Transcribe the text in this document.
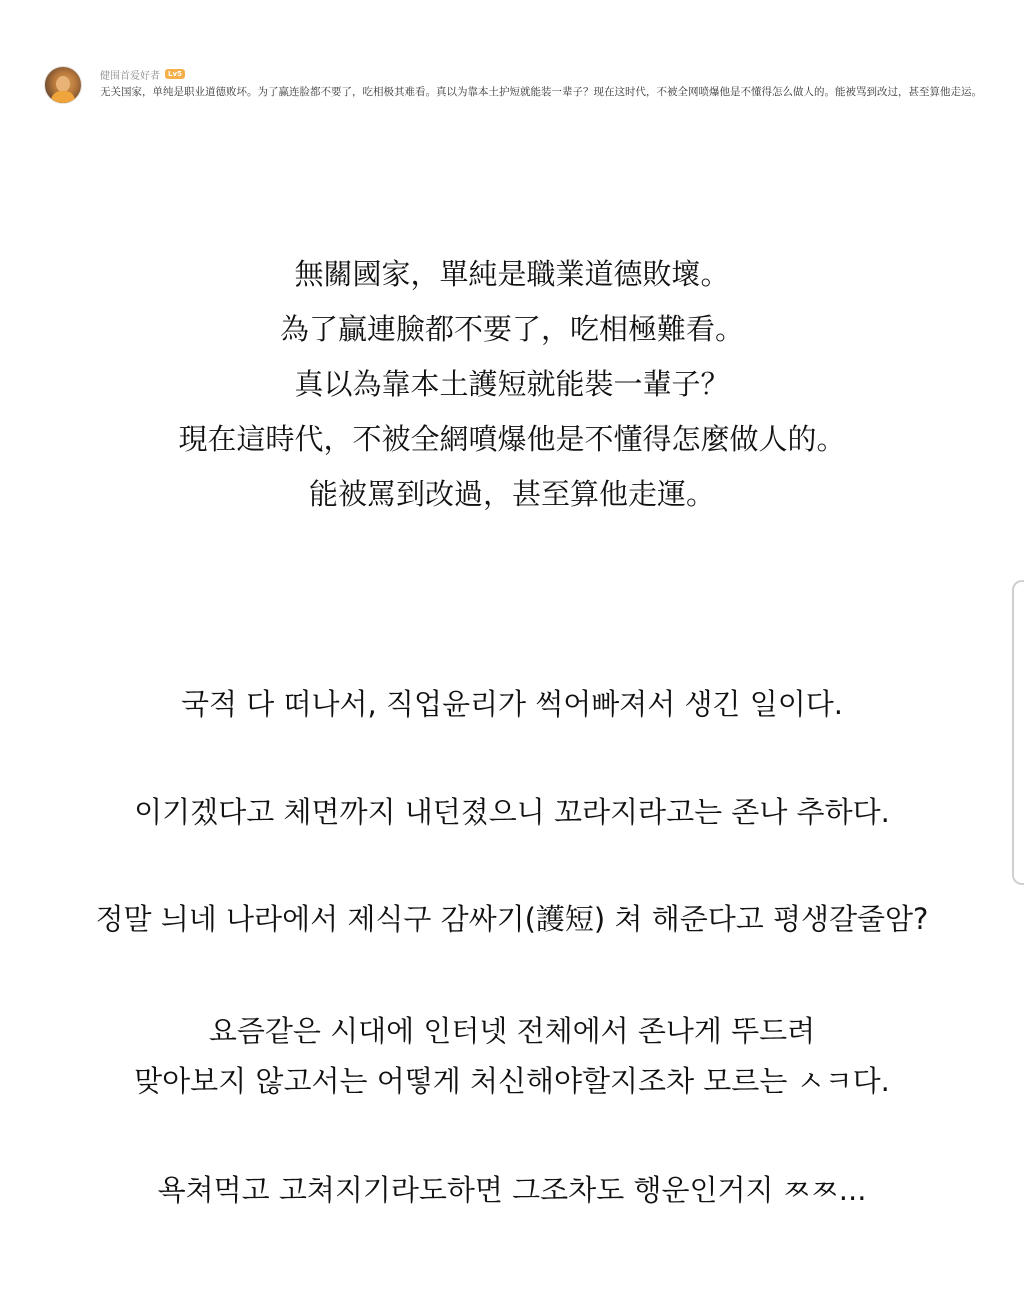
健围首爱好者	Lv5
无关国家，单纯是职业道德败坏。为了赢连脸都不要了，吃相极其难看。真以为靠本土护短就能装一辈子？现在这时代，不被全网喷爆他是不懂得怎么做人的。能被骂到改过，甚至算他走运。
無關國家，單純是職業道德敗壞。
為了贏連臉都不要了，吃相極難看。
真以為靠本土護短就能裝一輩子？
現在這時代，不被全網噴爆他是不懂得怎麼做人的。
能被罵到改過，甚至算他走運。
국적 다 떠나서, 직업윤리가 썩어빠져서 생긴 일이다.
이기겠다고 체면까지 내던졌으니 꼬라지라고는 존나 추하다.
정말 늬네 나라에서 제식구 감싸기(護短) 쳐 해준다고 평생갈줄암?
요즘같은 시대에 인터넷 전체에서 존나게 뚜드려
맞아보지 않고서는 어떻게 처신해야할지조차 모르는 ㅅㅋ다.
욕쳐먹고 고쳐지기라도하면 그조차도 행운인거지 ㅉㅉ...
